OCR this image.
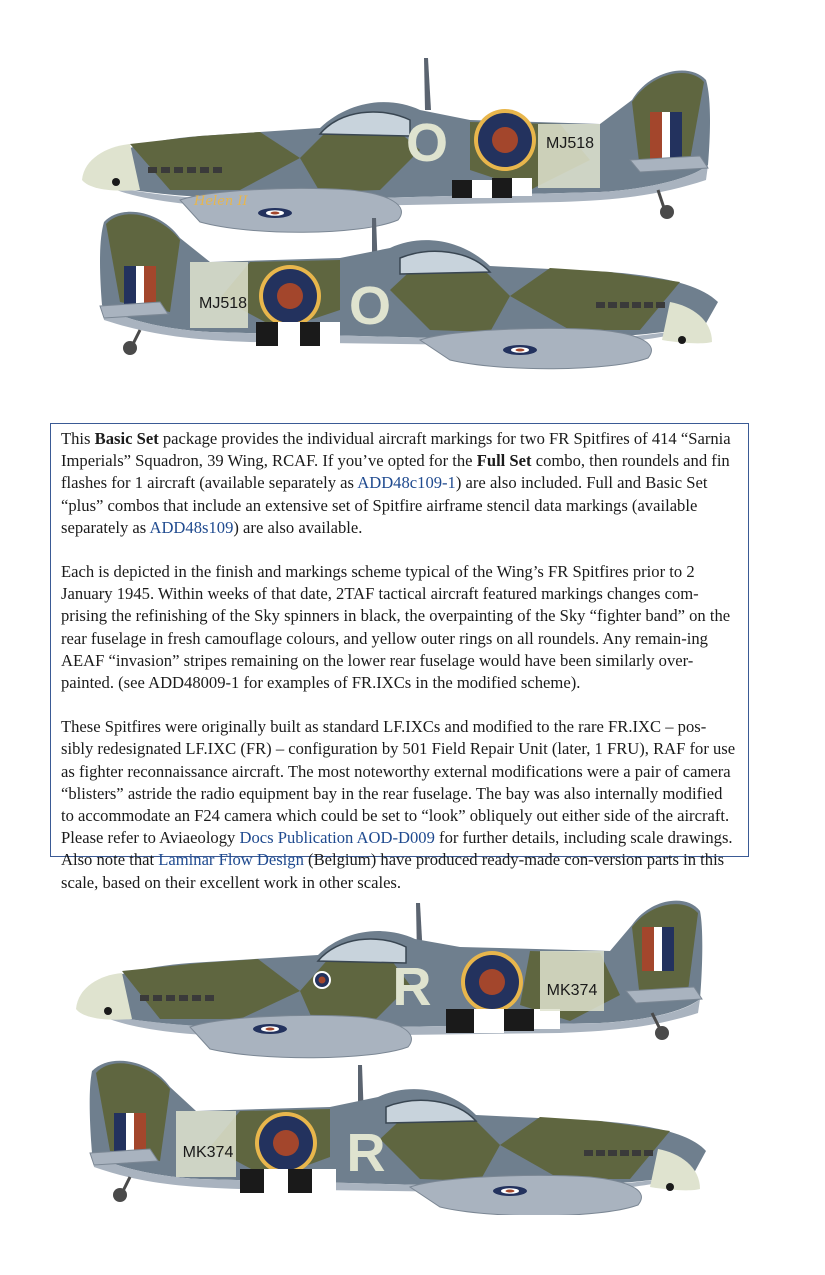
Helen II
O	MJ518
O
MJ518

This Basic Set package provides the individual aircraft markings for two FR Spitfires of 414 “Sarnia Imperials” Squadron, 39 Wing, RCAF. If you’ve opted for the Full Set combo, then roundels and fin flashes for 1 aircraft (available separately as ADD48c109-1) are also included. Full and Basic Set “plus” combos that include an extensive set of Spitfire airframe stencil data markings (available separately as ADD48s109) are also available.

Each is depicted in the finish and markings scheme typical of the Wing’s FR Spitfires prior to 2 January 1945. Within weeks of that date, 2TAF tactical aircraft featured markings changes com-prising the refinishing of the Sky spinners in black, the overpainting of the Sky “fighter band” on the rear fuselage in fresh camouflage colours, and yellow outer rings on all roundels. Any remain-ing AEAF “invasion” stripes remaining on the lower rear fuselage would have been similarly over-painted. (see ADD48009-1 for examples of FR.IXCs in the modified scheme).

These Spitfires were originally built as standard LF.IXCs and modified to the rare FR.IXC – pos-sibly redesignated LF.IXC (FR) – configuration by 501 Field Repair Unit (later, 1 FRU), RAF for use as fighter reconnaissance aircraft. The most noteworthy external modifications were a pair of camera “blisters” astride the radio equipment bay in the rear fuselage. The bay was also internally modified to accommodate an F24 camera which could be set to “look” obliquely out either side of the aircraft. Please refer to Aviaeology Docs Publication AOD-D009 for further details, including scale drawings. Also note that Laminar Flow Design (Belgium) have produced ready-made con-version parts in this scale, based on their excellent work in other scales.

R	MK374
R
MK374
